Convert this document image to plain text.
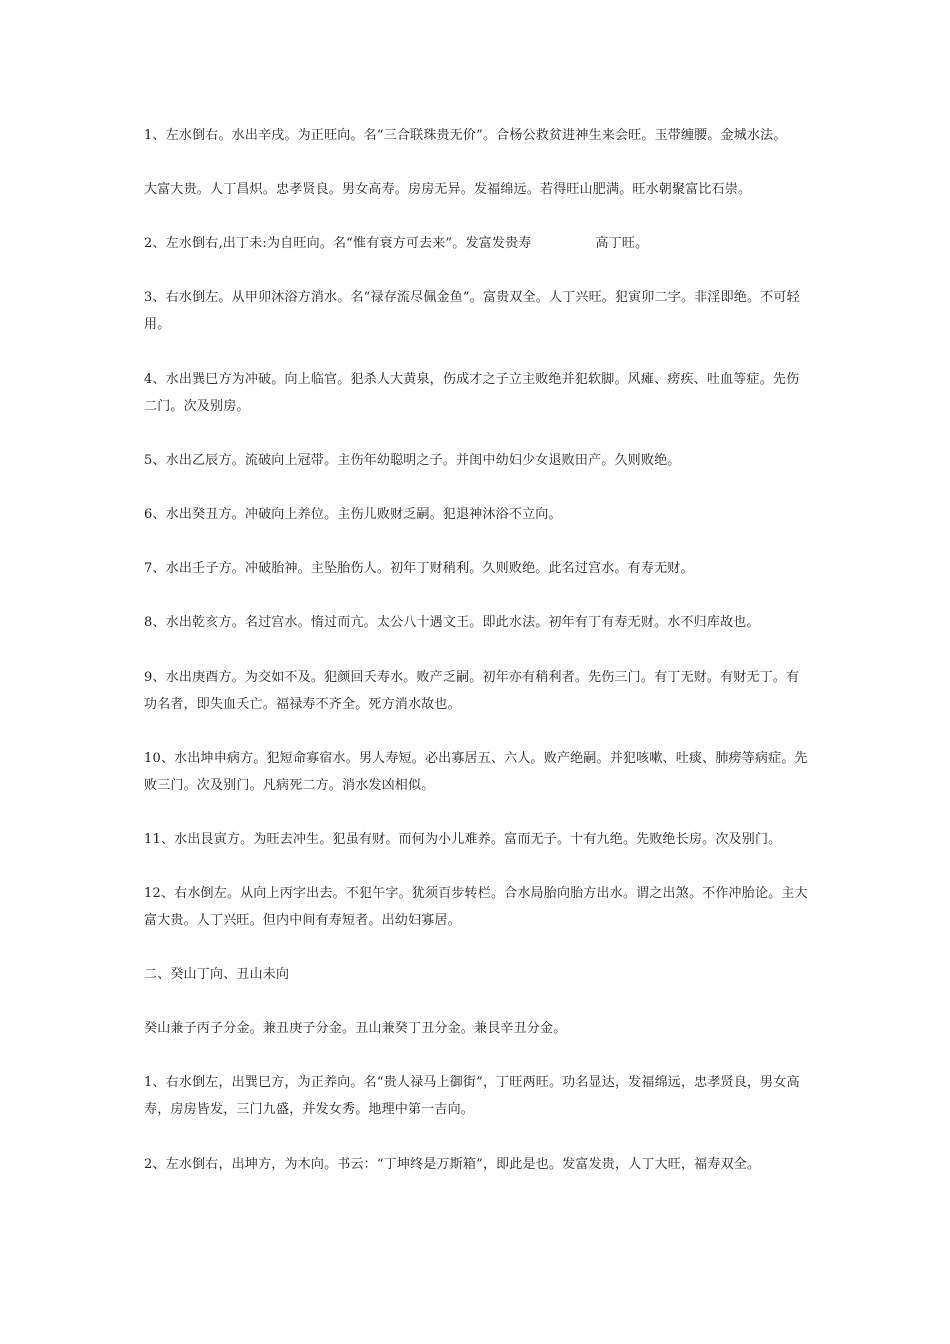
1、左水倒右。水出辛戌。为正旺向。名“三合联珠贵无价”。合杨公救贫进神生来会旺。玉带缠腰。金城水法。

大富大贵。人丁昌炽。忠孝贤良。男女高寿。房房无异。发福绵远。若得旺山肥满。旺水朝聚富比石崇。

2、左水倒右,出丁未:为自旺向。名“惟有衰方可去来”。发富发贵寿	高丁旺。

3、右水倒左。从甲卯沐浴方消水。名“禄存流尽佩金鱼”。富贵双全。人丁兴旺。犯寅卯二字。非淫即绝。不可轻用。

4、水出巽巳方为冲破。向上临官。犯杀人大黄泉，伤成才之子立主败绝并犯软脚。风瘫、痨疾、吐血等症。先伤二门。次及别房。

5、水出乙辰方。流破向上冠带。主伤年幼聪明之子。并闺中幼妇少女退败田产。久则败绝。

6、水出癸丑方。冲破向上养位。主伤儿败财乏嗣。犯退神沐浴不立向。

7、水出壬子方。冲破胎神。主坠胎伤人。初年丁财稍利。久则败绝。此名过宫水。有寿无财。

8、水出乾亥方。名过宫水。惰过而亢。太公八十遇文王。即此水法。初年有丁有寿无财。水不归库故也。

9、水出庚酉方。为交如不及。犯颜回夭寿水。败产乏嗣。初年亦有稍利者。先伤三门。有丁无财。有财无丁。有功名者，即失血夭亡。福禄寿不齐全。死方消水故也。

10、水出坤申病方。犯短命寡宿水。男人寿短。必出寡居五、六人。败产绝嗣。并犯咳嗽、吐痰、肺痨等病症。先败三门。次及别门。凡病死二方。消水发凶相似。

11、水出艮寅方。为旺去冲生。犯虽有财。而何为小儿难养。富而无子。十有九绝。先败绝长房。次及别门。

12、右水倒左。从向上丙字出去。不犯午字。犹须百步转栏。合水局胎向胎方出水。谓之出煞。不作冲胎论。主大富大贵。人丁兴旺。但内中间有寿短者。出幼妇寡居。

二、癸山丁向、丑山未向

癸山兼子丙子分金。兼丑庚子分金。丑山兼癸丁丑分金。兼艮辛丑分金。

1、右水倒左，出巽巳方，为正养向。名“贵人禄马上御街”，丁旺两旺。功名显达，发福绵远，忠孝贤良，男女高寿，房房皆发，三门九盛，并发女秀。地理中第一吉向。

2、左水倒右，出坤方，为木向。书云：“丁坤终是万斯箱”，即此是也。发富发贵，人丁大旺，福寿双全。
